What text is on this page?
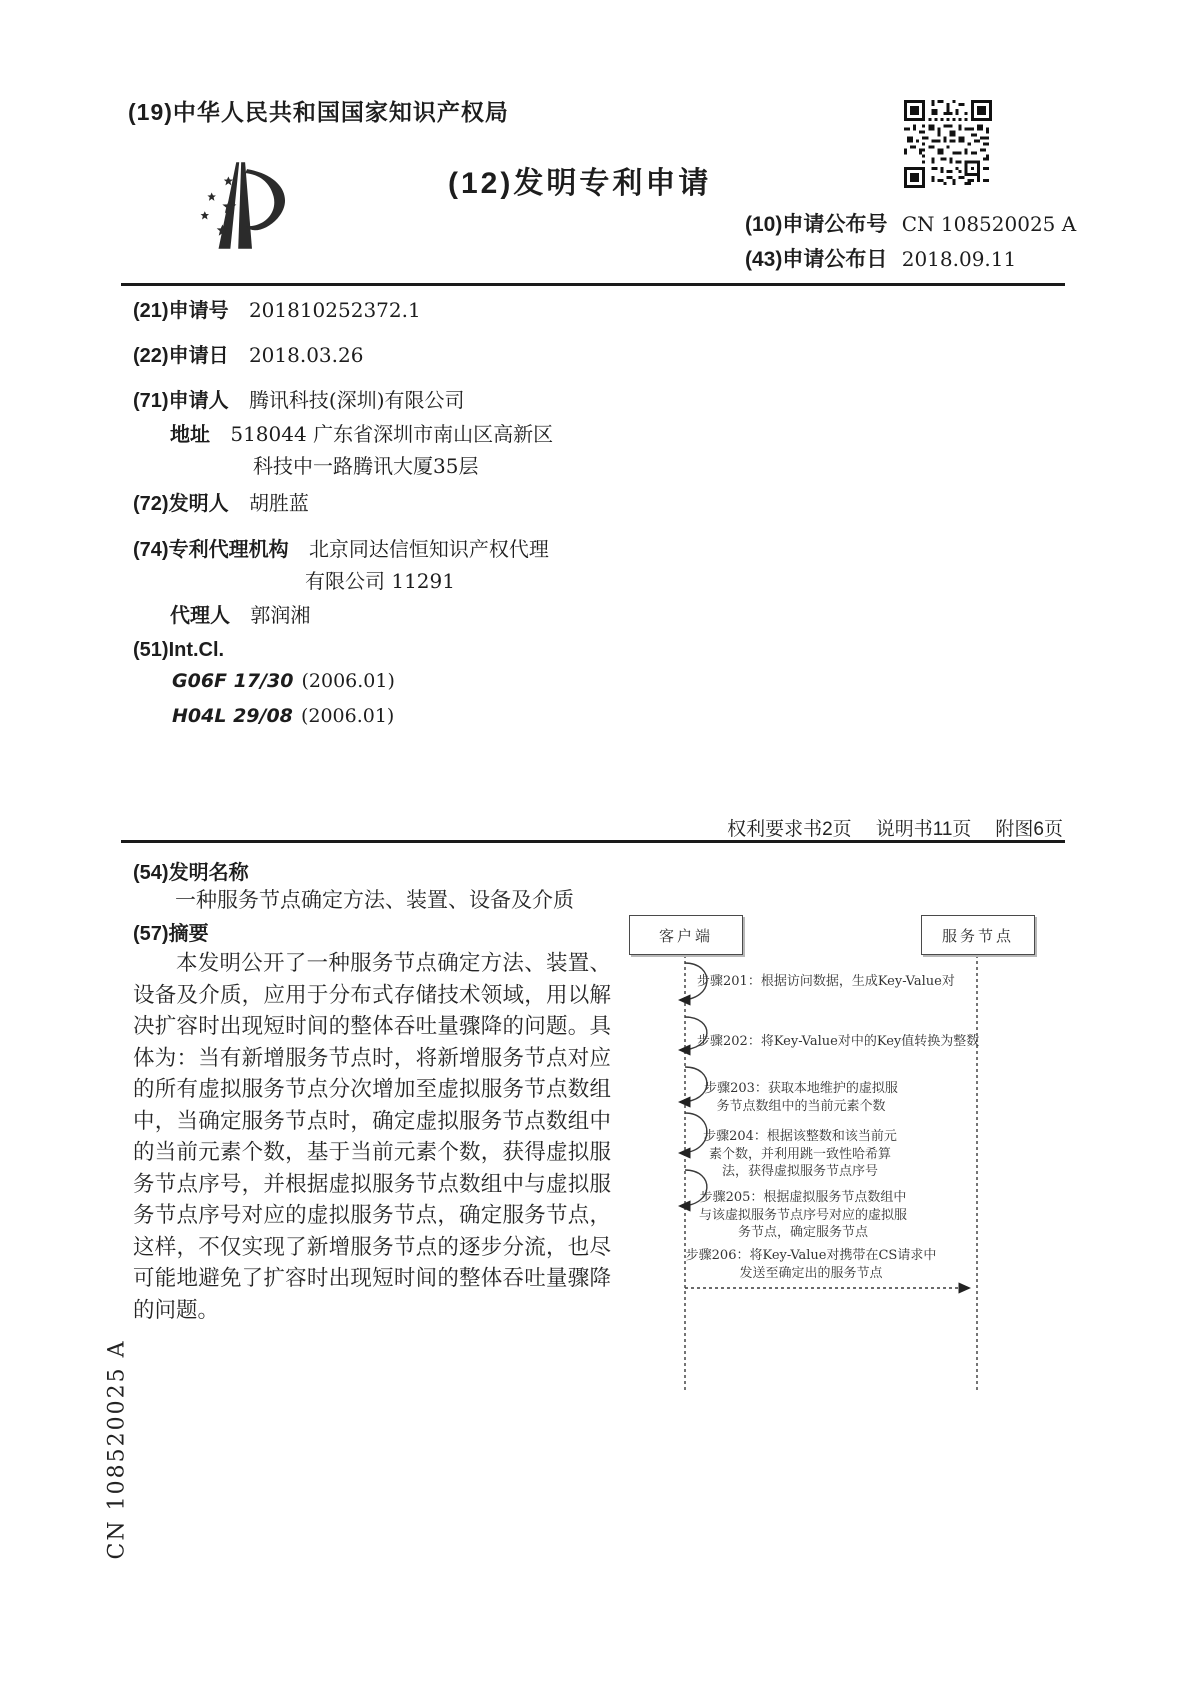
(19)中华人民共和国国家知识产权局
(12)发明专利申请
(10)申请公布号 CN 108520025 A
(43)申请公布日 2018.09.11
(21)申请号 201810252372.1
(22)申请日 2018.03.26
(71)申请人 腾讯科技(深圳)有限公司
地址 518044 广东省深圳市南山区高新区
科技中一路腾讯大厦35层
(72)发明人 胡胜蓝
(74)专利代理机构 北京同达信恒知识产权代理
有限公司 11291
代理人 郭润湘
(51)Int.Cl.
G06F 17/30 (2006.01)
H04L 29/08 (2006.01)
权利要求书2页 说明书11页 附图6页
(54)发明名称
一种服务节点确定方法、装置、设备及介质
(57)摘要
本发明公开了一种服务节点确定方法、装置、设备及介质，应用于分布式存储技术领域，用以解决扩容时出现短时间的整体吞吐量骤降的问题。具体为：当有新增服务节点时，将新增服务节点对应的所有虚拟服务节点分次增加至虚拟服务节点数组中，当确定服务节点时，确定虚拟服务节点数组中的当前元素个数，基于当前元素个数，获得虚拟服务节点序号，并根据虚拟服务节点数组中与虚拟服务节点序号对应的虚拟服务节点，确定服务节点，这样，不仅实现了新增服务节点的逐步分流，也尽可能地避免了扩容时出现短时间的整体吞吐量骤降的问题。
客户端	服务节点
步骤201：根据访问数据，生成Key-Value对
步骤202：将Key-Value对中的Key值转换为整数
步骤203：获取本地维护的虚拟服务节点数组中的当前元素个数
步骤204：根据该整数和该当前元素个数，并利用跳一致性哈希算法，获得虚拟服务节点序号
步骤205：根据虚拟服务节点数组中与该虚拟服务节点序号对应的虚拟服务节点，确定服务节点
步骤206：将Key-Value对携带在CS请求中发送至确定出的服务节点
CN 108520025 A
